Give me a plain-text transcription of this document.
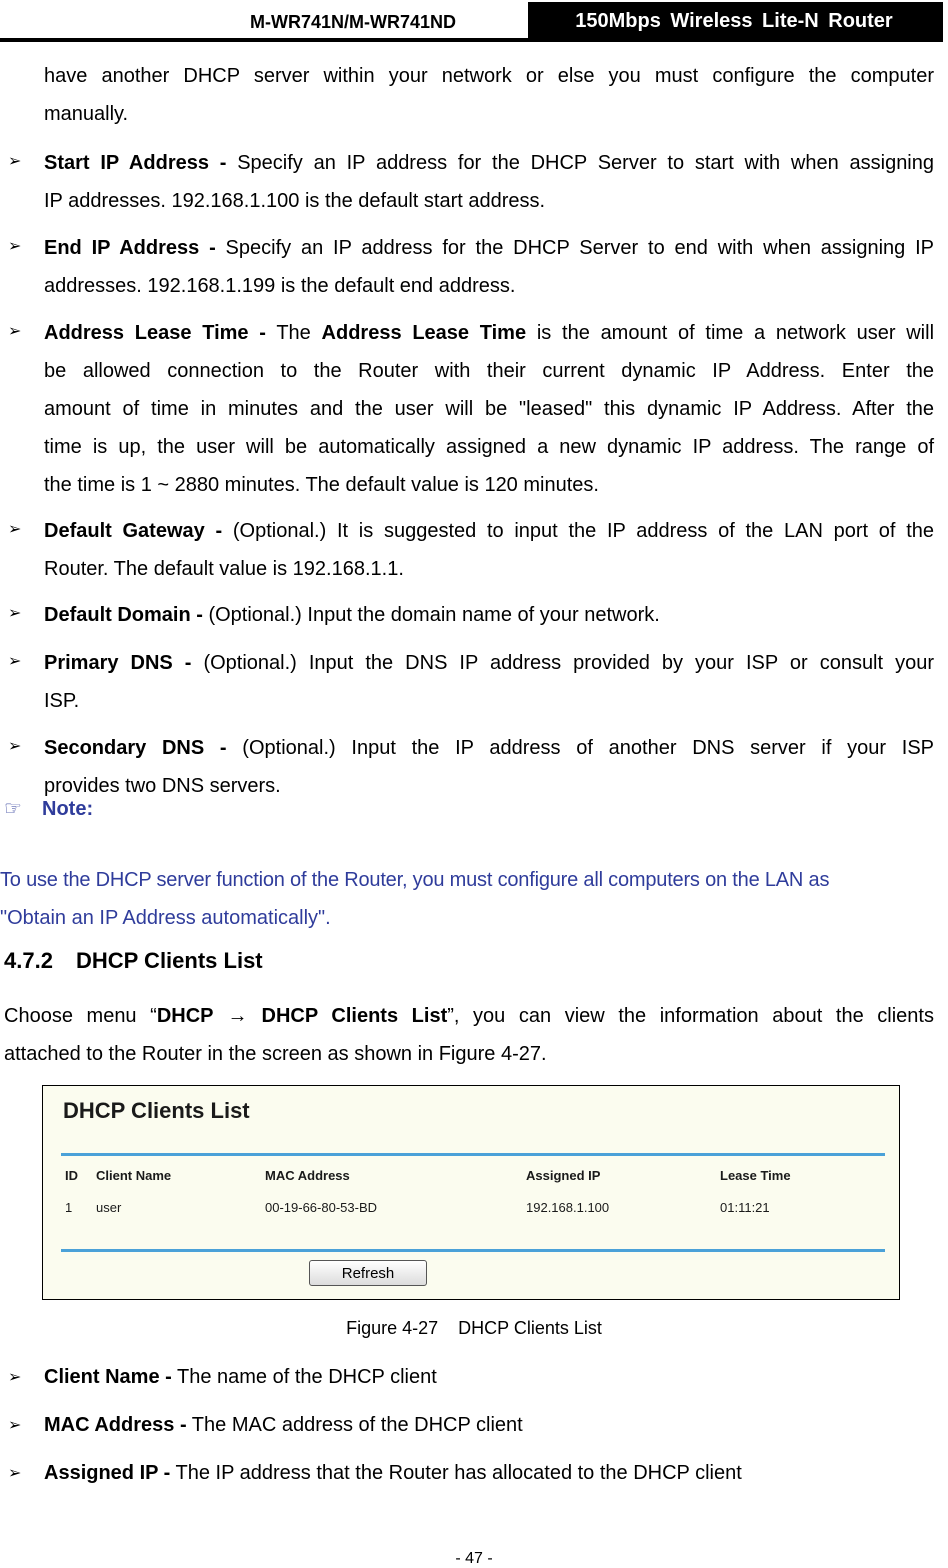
M-WR741N/M-WR741ND	150Mbps Wireless Lite-N Router
have another DHCP server within your network or else you must configure the computer
manually.
➢ Start IP Address - Specify an IP address for the DHCP Server to start with when assigning
IP addresses. 192.168.1.100 is the default start address.
➢ End IP Address - Specify an IP address for the DHCP Server to end with when assigning IP
addresses. 192.168.1.199 is the default end address.
➢ Address Lease Time - The Address Lease Time is the amount of time a network user will
be allowed connection to the Router with their current dynamic IP Address. Enter the
amount of time in minutes and the user will be "leased" this dynamic IP Address. After the
time is up, the user will be automatically assigned a new dynamic IP address. The range of
the time is 1 ~ 2880 minutes. The default value is 120 minutes.
➢ Default Gateway - (Optional.) It is suggested to input the IP address of the LAN port of the
Router. The default value is 192.168.1.1.
➢ Default Domain - (Optional.) Input the domain name of your network.
➢ Primary DNS - (Optional.) Input the DNS IP address provided by your ISP or consult your
ISP.
➢ Secondary DNS - (Optional.) Input the IP address of another DNS server if your ISP
provides two DNS servers.
☞ Note:
To use the DHCP server function of the Router, you must configure all computers on the LAN as
"Obtain an IP Address automatically".
4.7.2 DHCP Clients List
Choose menu “DHCP → DHCP Clients List”, you can view the information about the clients
attached to the Router in the screen as shown in Figure 4-27.
DHCP Clients List
ID Client Name	MAC Address	Assigned IP	Lease Time
1 user	00-19-66-80-53-BD	192.168.1.100	01:11:21
Refresh
Figure 4-27    DHCP Clients List
➢ Client Name - The name of the DHCP client
➢ MAC Address - The MAC address of the DHCP client
➢ Assigned IP - The IP address that the Router has allocated to the DHCP client
- 47 -
